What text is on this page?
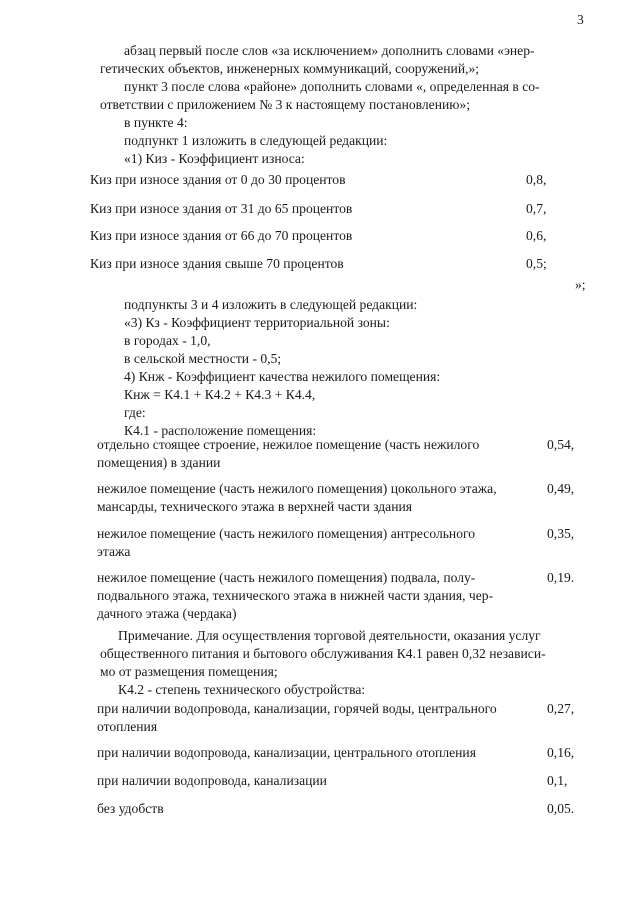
3
абзац первый после слов «за исключением» дополнить словами «энер-
гетических объектов, инженерных коммуникаций, сооружений,»;
пункт 3 после слова «районе» дополнить словами «, определенная в со-
ответствии с приложением № 3 к настоящему постановлению»;
в пункте 4:
подпункт 1 изложить в следующей редакции:
«1) Киз - Коэффициент износа:
Киз при износе здания от 0 до 30 процентов	0,8,
Киз при износе здания от 31 до 65 процентов	0,7,
Киз при износе здания от 66 до 70 процентов	0,6,
Киз при износе здания свыше 70 процентов	0,5;
»;
подпункты 3 и 4 изложить в следующей редакции:
«3) Кз - Коэффициент территориальной зоны:
в городах - 1,0,
в сельской местности - 0,5;
4) Кнж - Коэффициент качества нежилого помещения:
Кнж = К4.1 + К4.2 + К4.3 + К4.4,
где:
К4.1 - расположение помещения:
отдельно стоящее строение, нежилое помещение (часть нежилого
помещения) в здании
0,54,
нежилое помещение (часть нежилого помещения) цокольного этажа,
мансарды, технического этажа в верхней части здания
0,49,
нежилое помещение (часть нежилого помещения) антресольного
этажа
0,35,
нежилое помещение (часть нежилого помещения) подвала, полу-
подвального этажа, технического этажа в нижней части здания, чер-
дачного этажа (чердака)
0,19.
Примечание. Для осуществления торговой деятельности, оказания услуг
общественного питания и бытового обслуживания К4.1 равен 0,32 независи-
мо от размещения помещения;
К4.2 - степень технического обустройства:
при наличии водопровода, канализации, горячей воды, центрального
отопления
0,27,
при наличии водопровода, канализации, центрального отопления	0,16,
при наличии водопровода, канализации	0,1,
без удобств	0,05.
